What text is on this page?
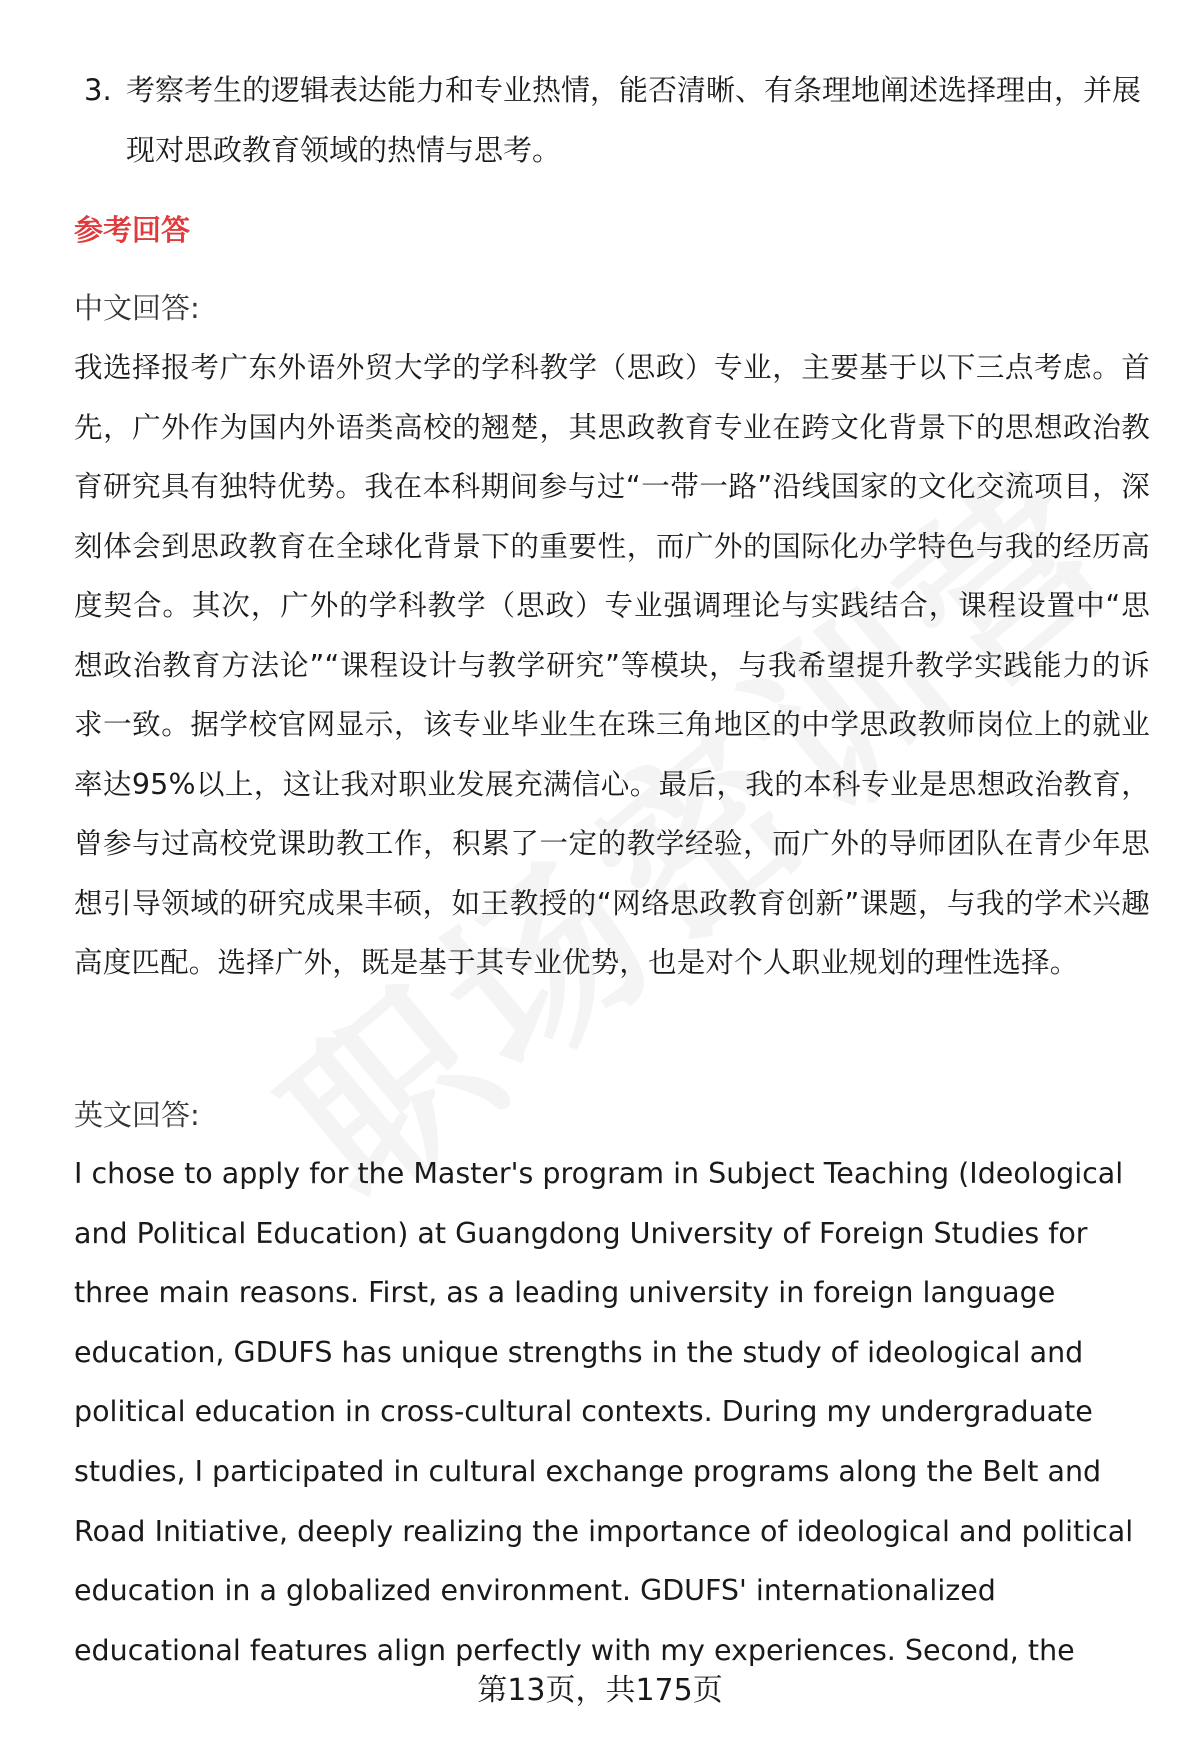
3. 考察考生的逻辑表达能力和专业热情，能否清晰、有条理地阐述选择理由，并展现对思政教育领域的热情与思考。
参考回答
中文回答:
我选择报考广东外语外贸大学的学科教学（思政）专业，主要基于以下三点考虑。首先，广外作为国内外语类高校的翘楚，其思政教育专业在跨文化背景下的思想政治教育研究具有独特优势。我在本科期间参与过“一带一路”沿线国家的文化交流项目，深刻体会到思政教育在全球化背景下的重要性，而广外的国际化办学特色与我的经历高度契合。其次，广外的学科教学（思政）专业强调理论与实践结合，课程设置中“思想政治教育方法论”“课程设计与教学研究”等模块，与我希望提升教学实践能力的诉求一致。据学校官网显示，该专业毕业生在珠三角地区的中学思政教师岗位上的就业率达95%以上，这让我对职业发展充满信心。最后，我的本科专业是思想政治教育，曾参与过高校党课助教工作，积累了一定的教学经验，而广外的导师团队在青少年思想引导领域的研究成果丰硕，如王教授的“网络思政教育创新”课题，与我的学术兴趣高度匹配。选择广外，既是基于其专业优势，也是对个人职业规划的理性选择。
英文回答:
I chose to apply for the Master's program in Subject Teaching (Ideological and Political Education) at Guangdong University of Foreign Studies for three main reasons. First, as a leading university in foreign language education, GDUFS has unique strengths in the study of ideological and political education in cross-cultural contexts. During my undergraduate studies, I participated in cultural exchange programs along the Belt and Road Initiative, deeply realizing the importance of ideological and political education in a globalized environment. GDUFS' internationalized educational features align perfectly with my experiences. Second, the
第13页，共175页
